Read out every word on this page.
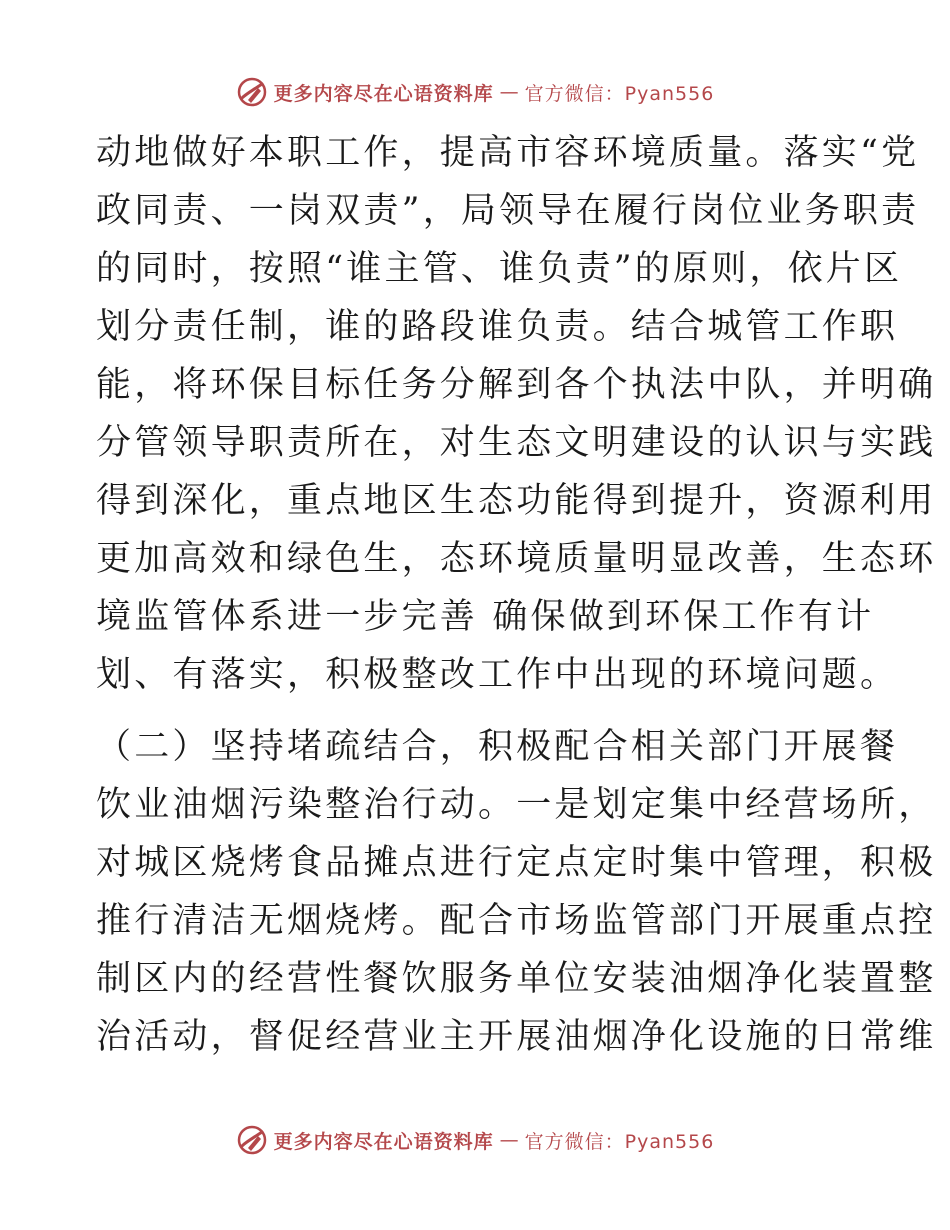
更多内容尽在心语资料库 — 官方微信：Pyan556
动地做好本职工作，提高市容环境质量。落实“党
政同责、一岗双责”，局领导在履行岗位业务职责
的同时，按照“谁主管、谁负责”的原则，依片区
划分责任制，谁的路段谁负责。结合城管工作职
能，将环保目标任务分解到各个执法中队，并明确
分管领导职责所在，对生态文明建设的认识与实践
得到深化，重点地区生态功能得到提升，资源利用
更加高效和绿色生，态环境质量明显改善，生态环
境监管体系进一步完善 确保做到环保工作有计
划、有落实，积极整改工作中出现的环境问题。
（二）坚持堵疏结合，积极配合相关部门开展餐
饮业油烟污染整治行动。一是划定集中经营场所，
对城区烧烤食品摊点进行定点定时集中管理，积极
推行清洁无烟烧烤。配合市场监管部门开展重点控
制区内的经营性餐饮服务单位安装油烟净化装置整
治活动，督促经营业主开展油烟净化设施的日常维
更多内容尽在心语资料库 — 官方微信：Pyan556
